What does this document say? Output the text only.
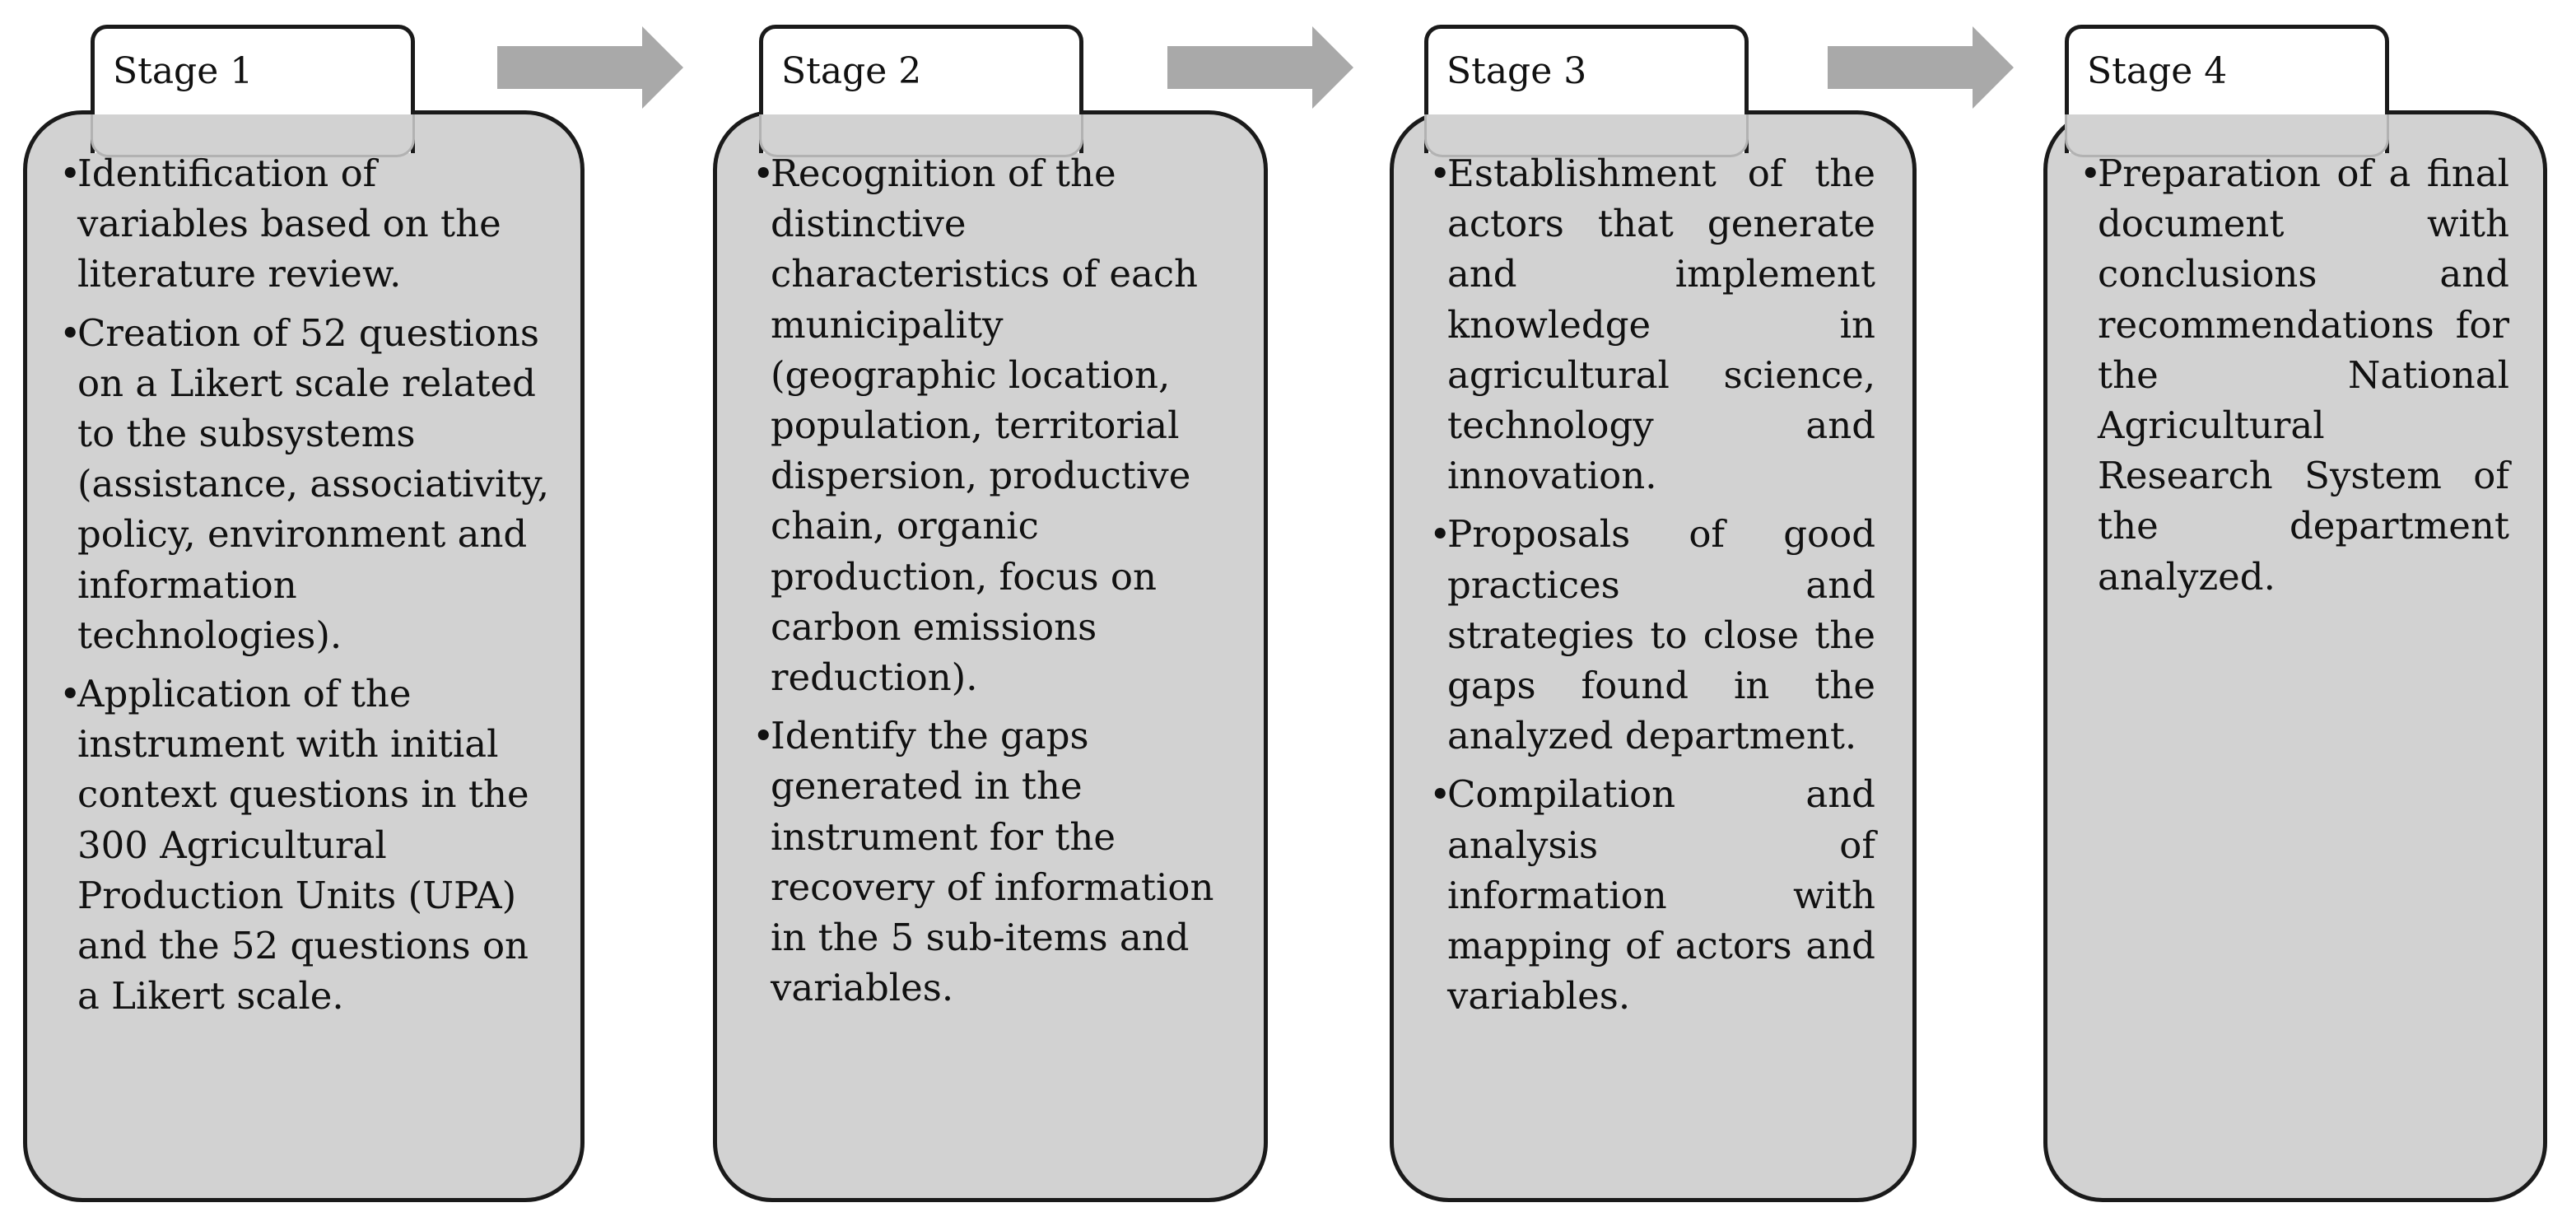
Stage 1
•
Identification of variables based on the literature review.
•
Creation of 52 questions on a Likert scale related to the subsystems (assistance, associativity, policy, environment and information technologies).
•
Application of the instrument with initial context questions in the 300 Agricultural Production Units (UPA) and the 52 questions on a Likert scale.
Stage 2
•
Recognition of the distinctive characteristics of each municipality (geographic location, population, territorial dispersion, productive chain, organic production, focus on carbon emissions reduction).
•
Identify the gaps generated in the instrument for the recovery of information in the 5 sub-items and variables.
Stage 3
•
Establishment of the actors that generate and implement knowledge in agricultural science, technology and innovation.
•
Proposals of good practices and strategies to close the gaps found in the analyzed department.
•
Compilation and analysis of information with mapping of actors and variables.
Stage 4
•
Preparation of a final document with conclusions and recommendations for the National Agricultural Research System of the department analyzed.
